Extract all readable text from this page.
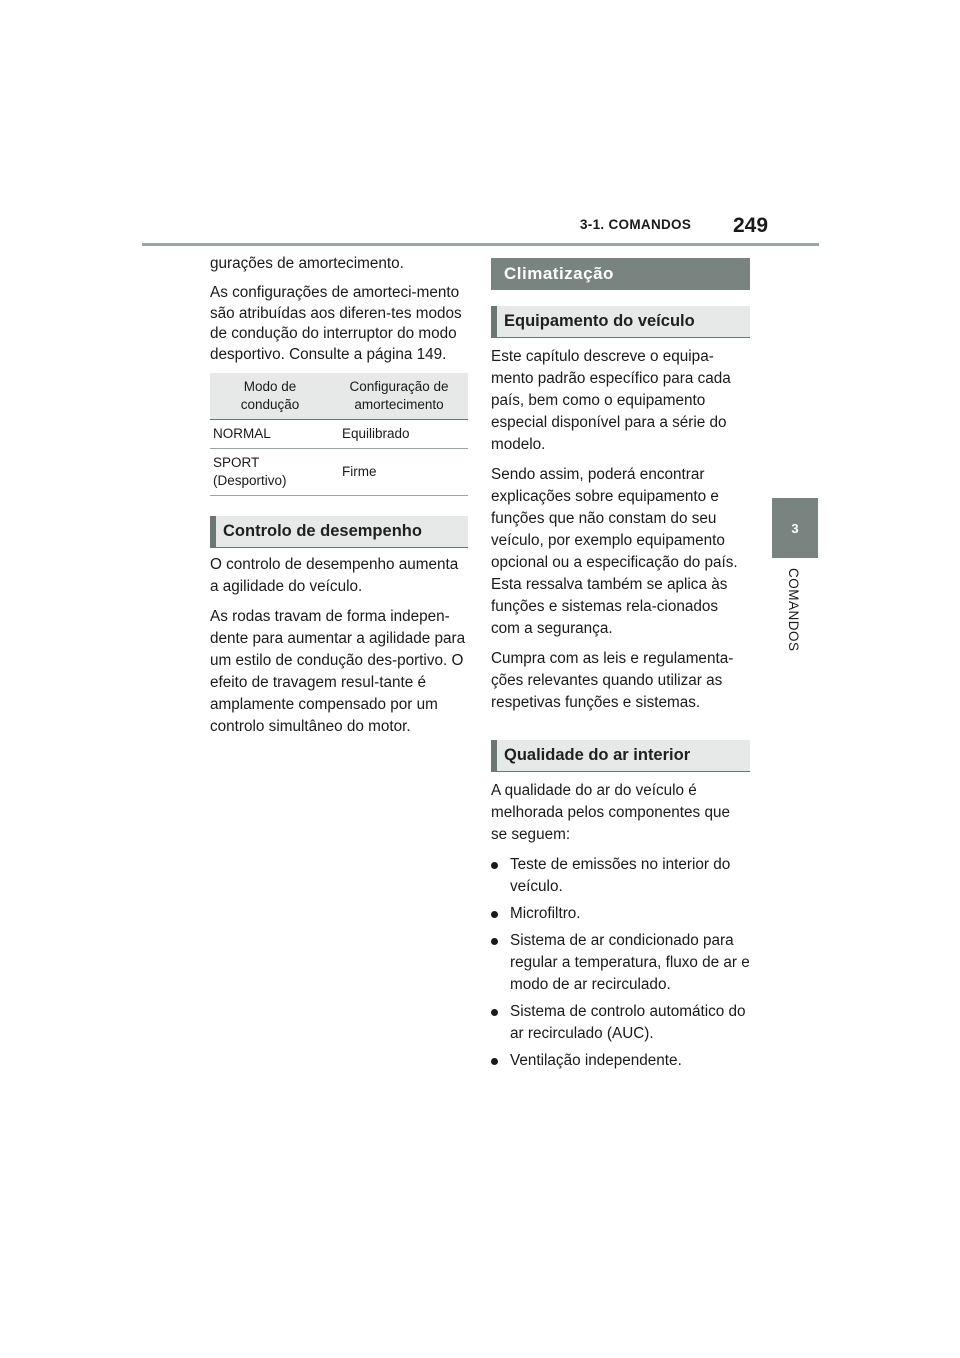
3-1. COMANDOS 249
3
COMANDOS

gurações de amortecimento.

As configurações de amorteci-mento são atribuídas aos diferen-tes modos de condução do interruptor do modo desportivo. Consulte a página 149.

Modo de condução	Configuração de amortecimento
NORMAL	Equilibrado
SPORT (Desportivo)	Firme
Controlo de desempenho

O controlo de desempenho aumenta a agilidade do veículo.

As rodas travam de forma indepen-dente para aumentar a agilidade para um estilo de condução des-portivo. O efeito de travagem resul-tante é amplamente compensado por um controlo simultâneo do motor.

Climatização
Equipamento do veículo

Este capítulo descreve o equipa-mento padrão específico para cada país, bem como o equipamento especial disponível para a série do modelo.

Sendo assim, poderá encontrar explicações sobre equipamento e funções que não constam do seu veículo, por exemplo equipamento opcional ou a especificação do país. Esta ressalva também se aplica às funções e sistemas rela-cionados com a segurança.

Cumpra com as leis e regulamenta-ções relevantes quando utilizar as respetivas funções e sistemas.

Qualidade do ar interior

A qualidade do ar do veículo é melhorada pelos componentes que se seguem:

Teste de emissões no interior do veículo.
Microfiltro.
Sistema de ar condicionado para regular a temperatura, fluxo de ar e modo de ar recirculado.
Sistema de controlo automático do ar recirculado (AUC).
Ventilação independente.
